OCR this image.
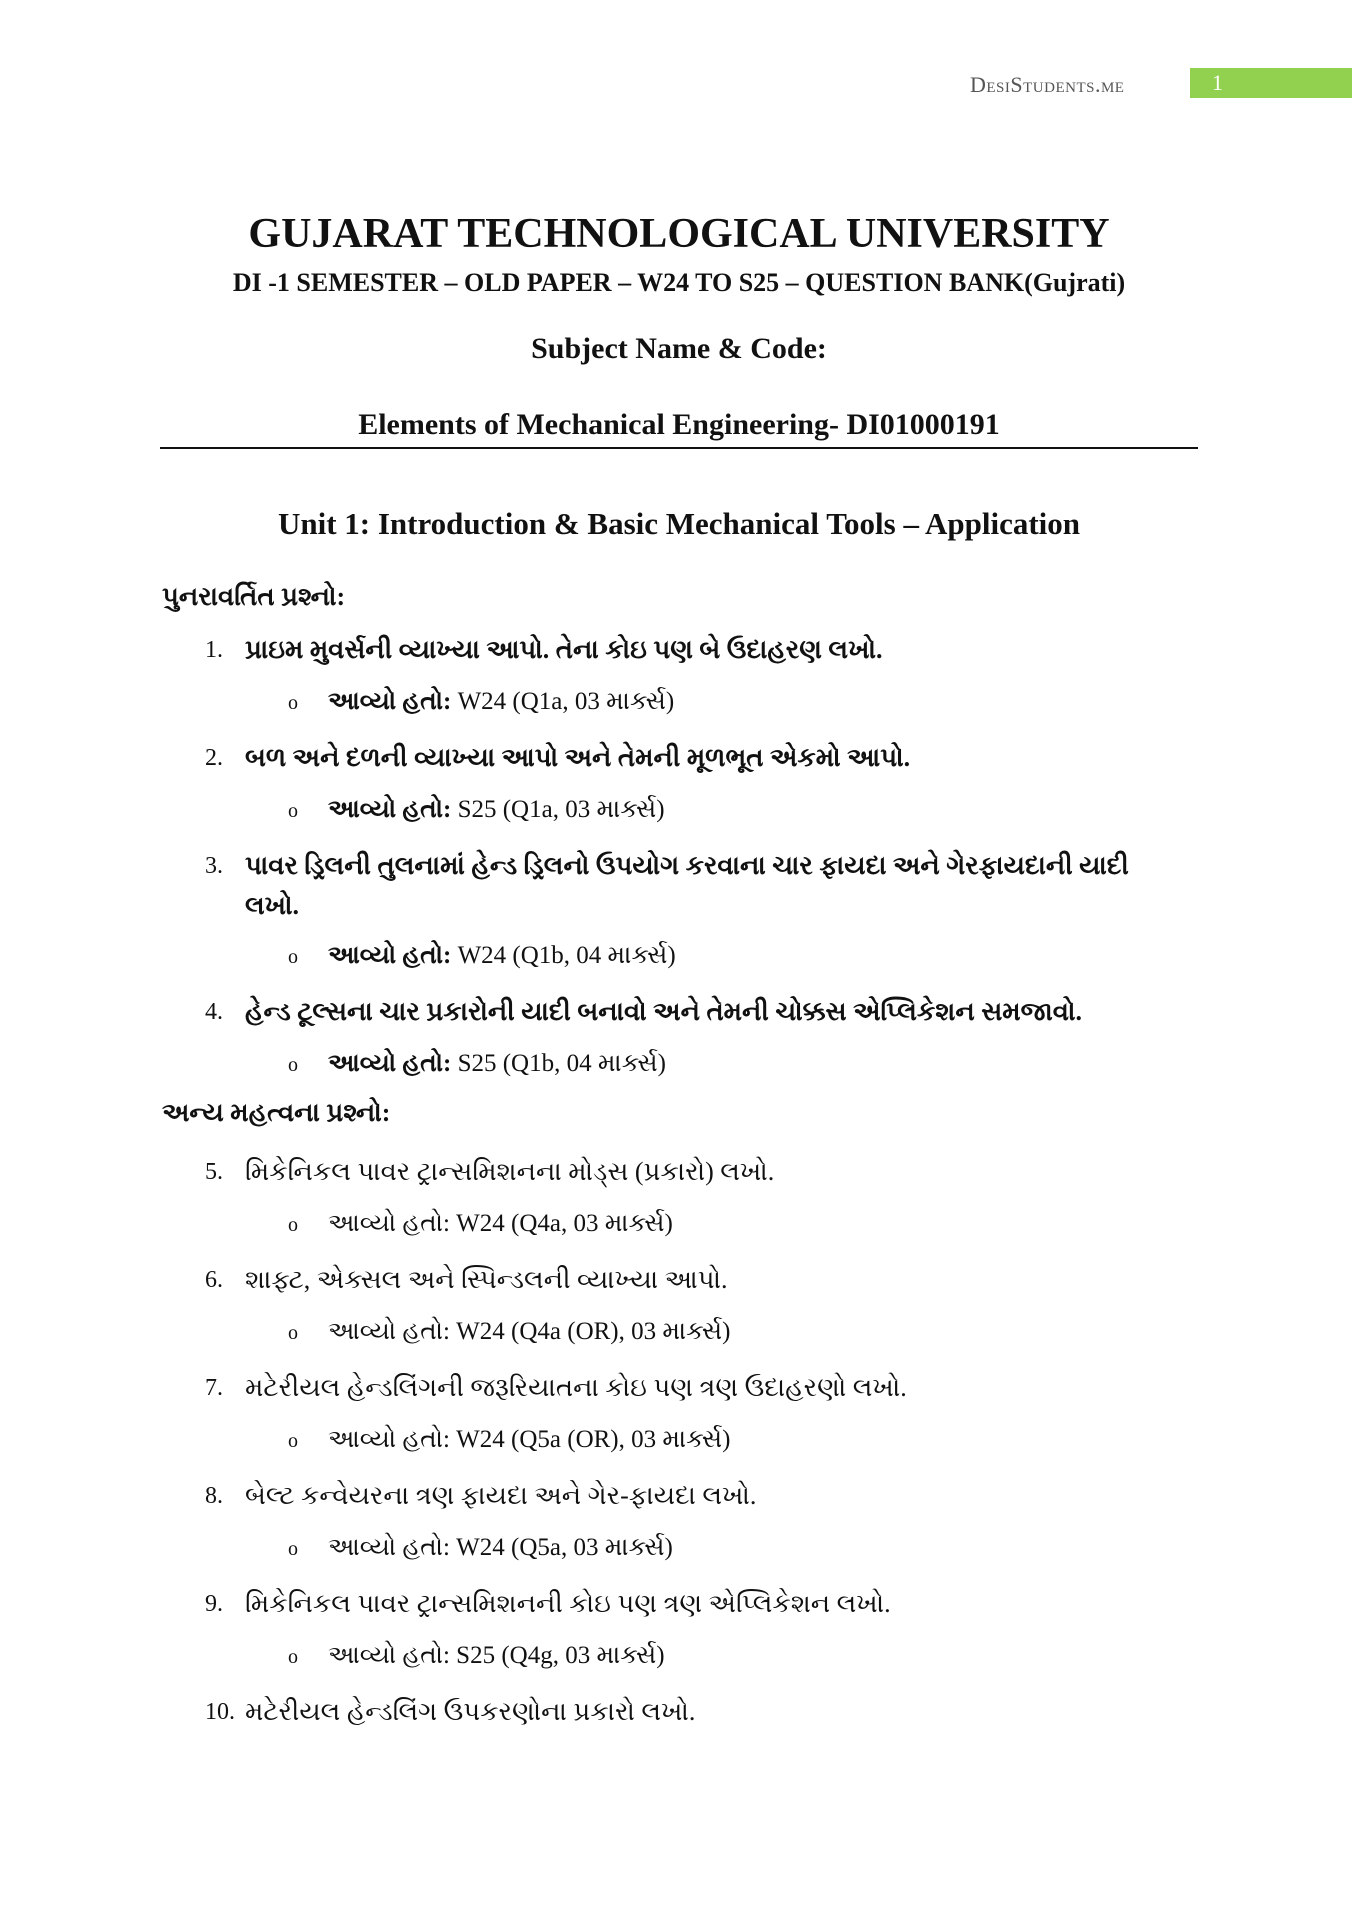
DesiStudents.me	1
GUJARAT TECHNOLOGICAL UNIVERSITY
DI -1 SEMESTER – OLD PAPER – W24 TO S25 – QUESTION BANK(Gujrati)
Subject Name & Code:
Elements of Mechanical Engineering- DI01000191
Unit 1: Introduction & Basic Mechanical Tools – Application
પુનરાવર્તિત પ્રશ્નો:
અન્ય મહત્વના પ્રશ્નો:
1. પ્રાઇમ મુવર્સની વ્યાખ્યા આપો. તેના કોઇ પણ બે ઉદાહરણ લખો.
o આવ્યો હતો: W24 (Q1a, 03 માર્ક્સ)
2. બળ અને દળની વ્યાખ્યા આપો અને તેમની મૂળભૂત એકમો આપો.
o આવ્યો હતો: S25 (Q1a, 03 માર્ક્સ)
3. પાવર ડ્રિલની તુલનામાં હેન્ડ ડ્રિલનો ઉપયોગ કરવાના ચાર ફાયદા અને ગેરફાયદાની યાદી લખો.
o આવ્યો હતો: W24 (Q1b, 04 માર્ક્સ)
4. હેન્ડ ટૂલ્સના ચાર પ્રકારોની યાદી બનાવો અને તેમની ચોક્કસ એપ્લિકેશન સમજાવો.
o આવ્યો હતો: S25 (Q1b, 04 માર્ક્સ)
5. મિકેનિકલ પાવર ટ્રાન્સમિશનના મોડ્સ (પ્રકારો) લખો.
o આવ્યો હતો: W24 (Q4a, 03 માર્ક્સ)
6. શાફ્ટ, એક્સલ અને સ્પિન્ડલની વ્યાખ્યા આપો.
o આવ્યો હતો: W24 (Q4a (OR), 03 માર્ક્સ)
7. મટેરીયલ હેન્ડલિંગની જરૂરિયાતના કોઇ પણ ત્રણ ઉદાહરણો લખો.
o આવ્યો હતો: W24 (Q5a (OR), 03 માર્ક્સ)
8. બેલ્ટ કન્વેયરના ત્રણ ફાયદા અને ગેર-ફાયદા લખો.
o આવ્યો હતો: W24 (Q5a, 03 માર્ક્સ)
9. મિકેનિકલ પાવર ટ્રાન્સમિશનની કોઇ પણ ત્રણ એપ્લિકેશન લખો.
o આવ્યો હતો: S25 (Q4g, 03 માર્ક્સ)
10. મટેરીયલ હેન્ડલિંગ ઉપકરણોના પ્રકારો લખો.
